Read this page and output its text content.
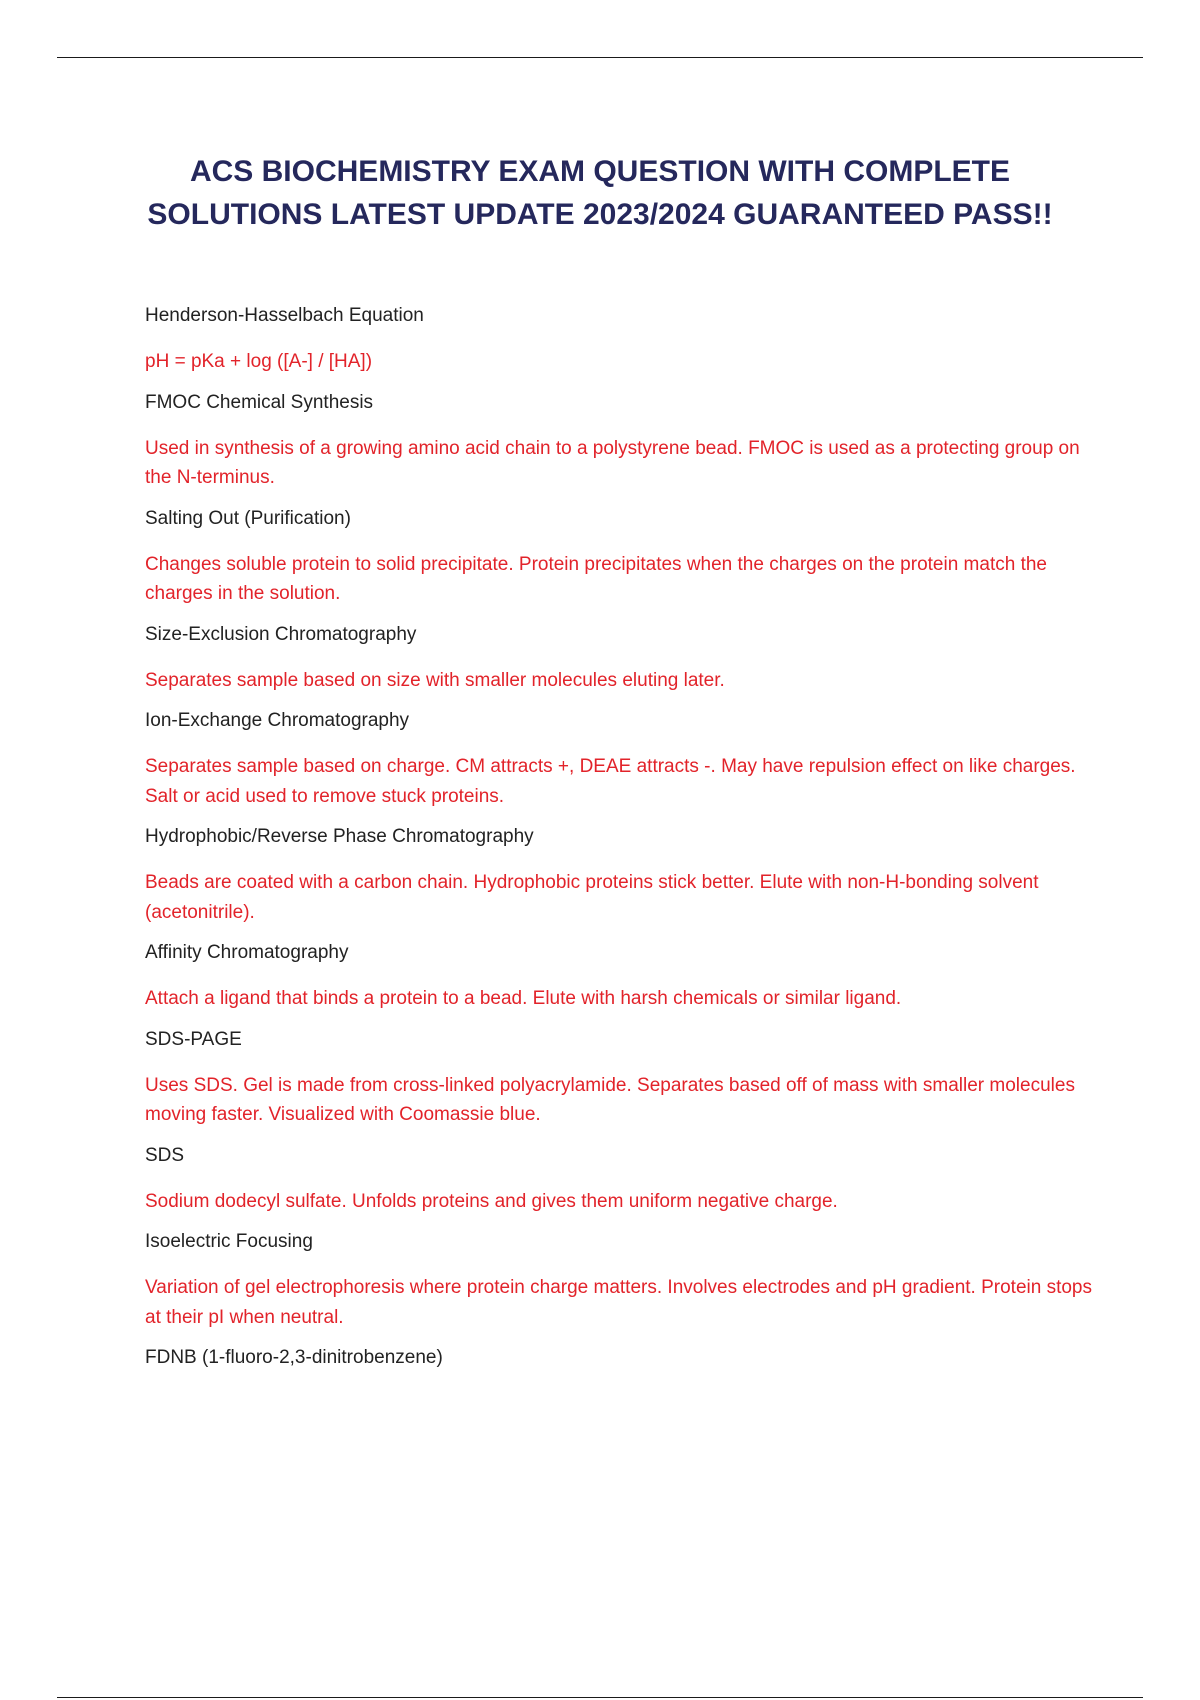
ACS BIOCHEMISTRY EXAM QUESTION WITH COMPLETE
SOLUTIONS LATEST UPDATE 2023/2024 GUARANTEED PASS!!

Henderson-Hasselbach Equation

pH = pKa + log ([A-] / [HA])

FMOC Chemical Synthesis

Used in synthesis of a growing amino acid chain to a polystyrene bead. FMOC is used as a protecting group on the N-terminus.

Salting Out (Purification)

Changes soluble protein to solid precipitate. Protein precipitates when the charges on the protein match the charges in the solution.

Size-Exclusion Chromatography

Separates sample based on size with smaller molecules eluting later.

Ion-Exchange Chromatography

Separates sample based on charge. CM attracts +, DEAE attracts -. May have repulsion effect on like charges. Salt or acid used to remove stuck proteins.

Hydrophobic/Reverse Phase Chromatography

Beads are coated with a carbon chain. Hydrophobic proteins stick better. Elute with non-H-bonding solvent (acetonitrile).

Affinity Chromatography

Attach a ligand that binds a protein to a bead. Elute with harsh chemicals or similar ligand.

SDS-PAGE

Uses SDS. Gel is made from cross-linked polyacrylamide. Separates based off of mass with smaller molecules moving faster. Visualized with Coomassie blue.

SDS

Sodium dodecyl sulfate. Unfolds proteins and gives them uniform negative charge.

Isoelectric Focusing

Variation of gel electrophoresis where protein charge matters. Involves electrodes and pH gradient. Protein stops at their pI when neutral.

FDNB (1-fluoro-2,3-dinitrobenzene)
